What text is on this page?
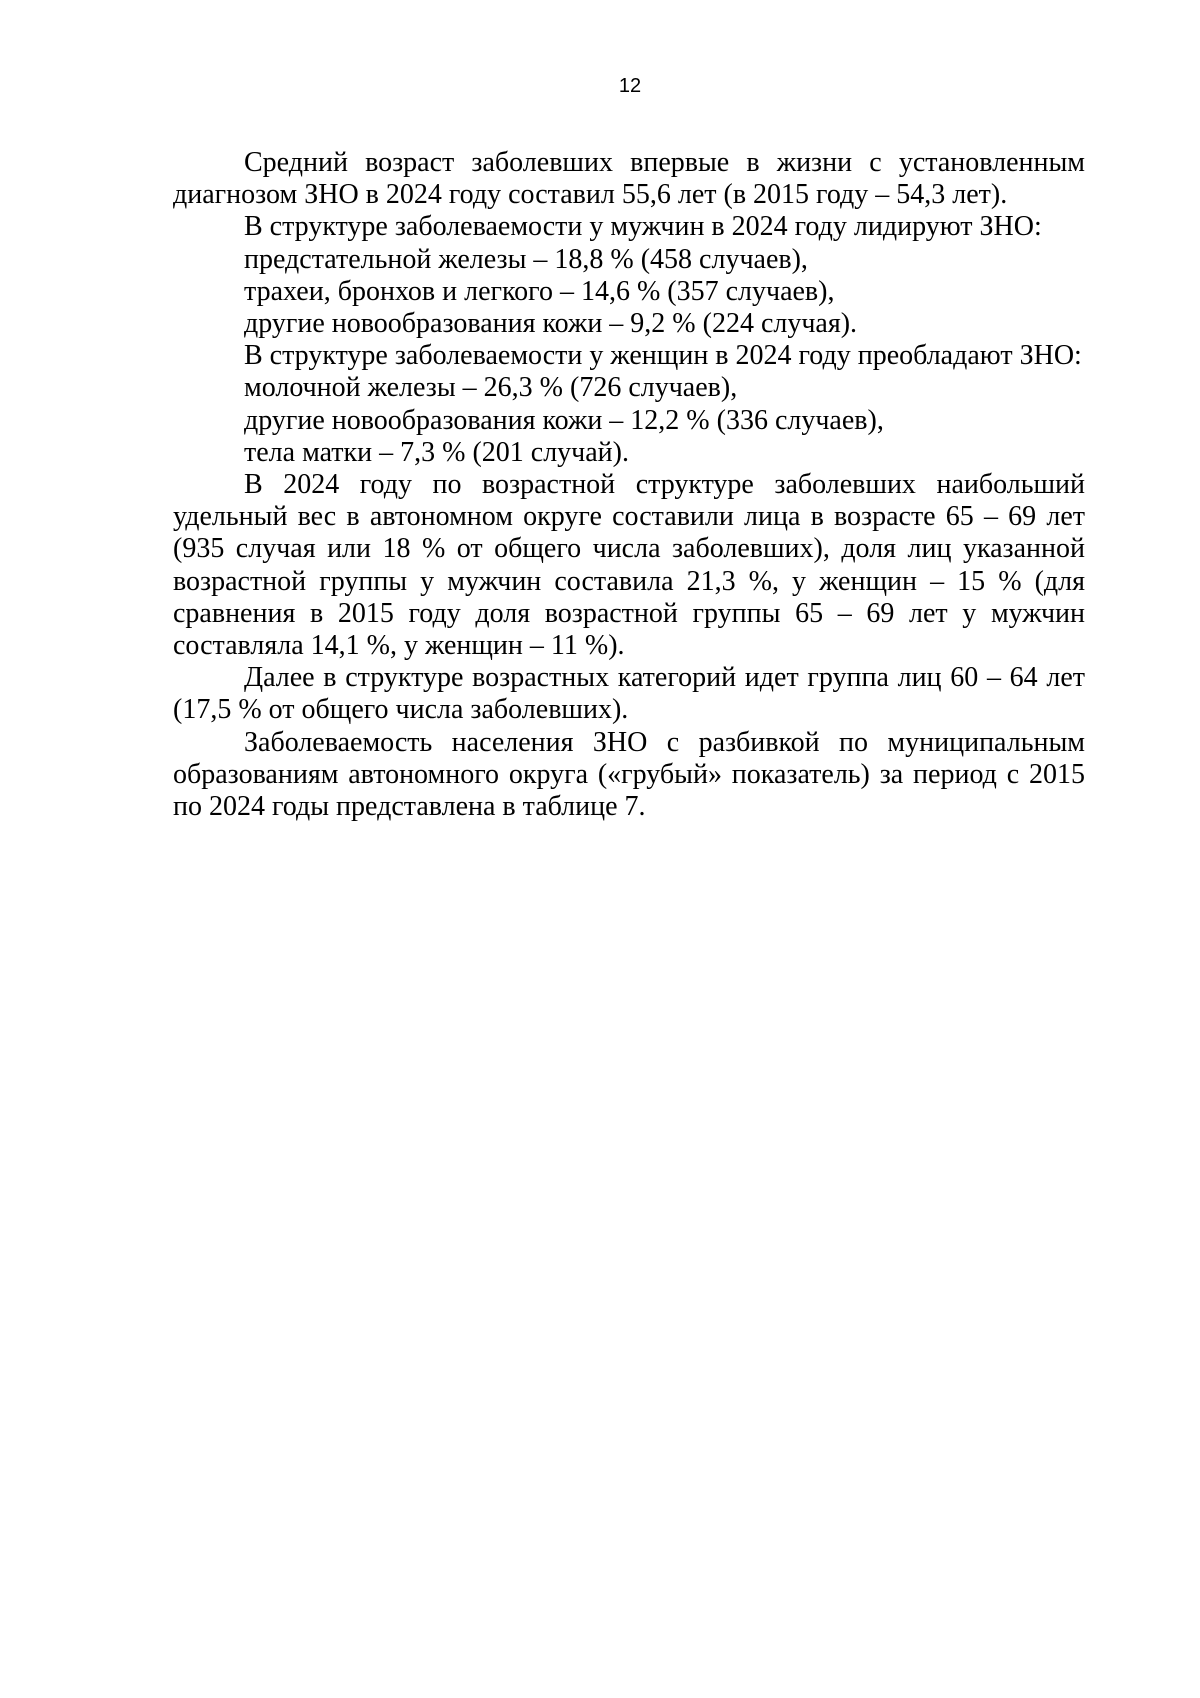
12

Средний возраст заболевших впервые в жизни с установленным диагнозом ЗНО в 2024 году составил 55,6 лет (в 2015 году – 54,3 лет).

В структуре заболеваемости у мужчин в 2024 году лидируют ЗНО:

предстательной железы – 18,8 % (458 случаев),

трахеи, бронхов и легкого – 14,6 % (357 случаев),

другие новообразования кожи – 9,2 % (224 случая).

В структуре заболеваемости у женщин в 2024 году преобладают ЗНО:

молочной железы – 26,3 % (726 случаев),

другие новообразования кожи – 12,2 % (336 случаев),

тела матки – 7,3 % (201 случай).

В 2024 году по возрастной структуре заболевших наибольший удельный вес в автономном округе составили лица в возрасте 65 – 69 лет (935 случая или 18 % от общего числа заболевших), доля лиц указанной возрастной группы у мужчин составила 21,3 %, у женщин – 15 % (для сравнения в 2015 году доля возрастной группы 65 – 69 лет у мужчин составляла 14,1 %, у женщин – 11 %).

Далее в структуре возрастных категорий идет группа лиц 60 – 64 лет (17,5 % от общего числа заболевших).

Заболеваемость населения ЗНО с разбивкой по муниципальным образованиям автономного округа («грубый» показатель) за период с 2015 по 2024 годы представлена в таблице 7.
